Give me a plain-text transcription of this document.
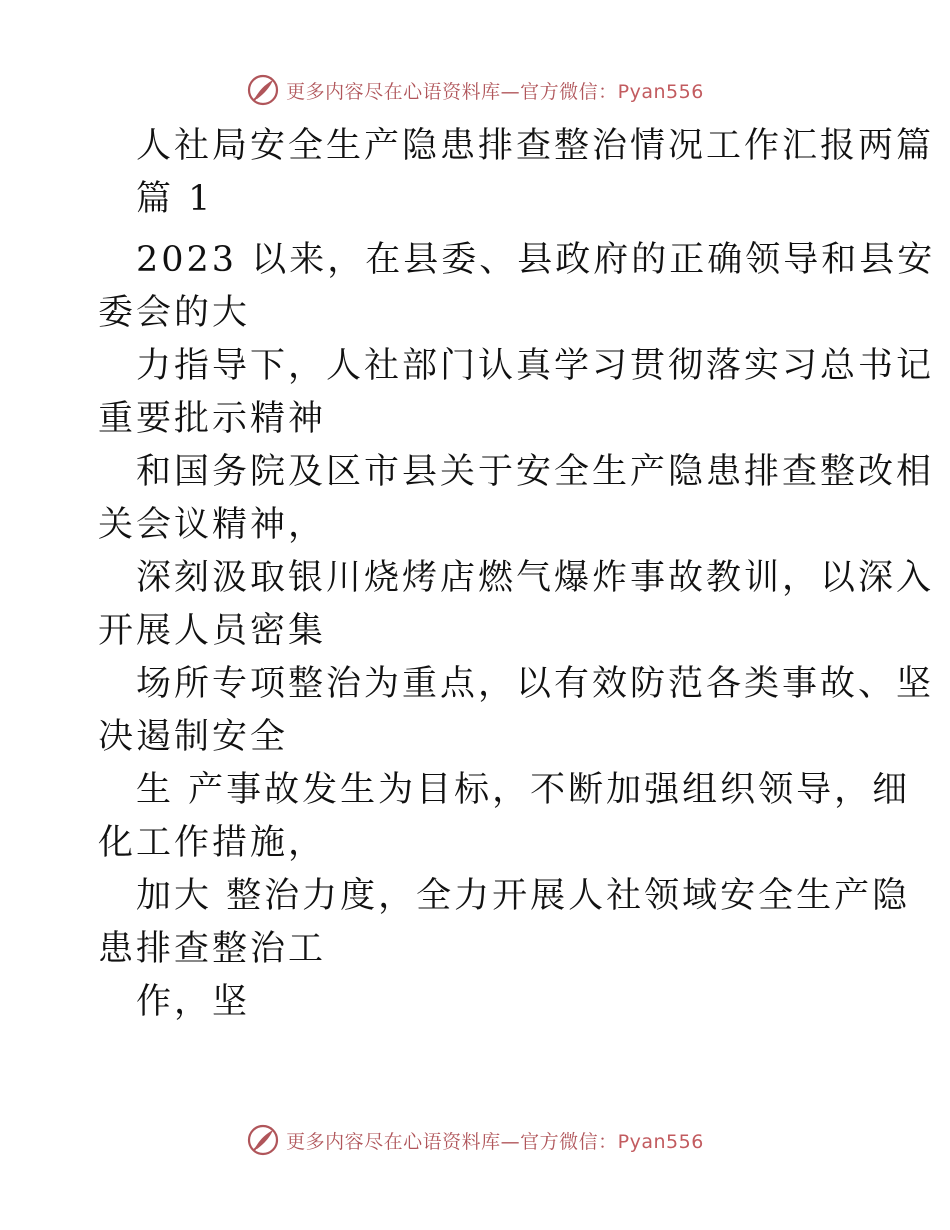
更多内容尽在心语资料库—官方微信：Pyan556
人社局安全生产隐患排查整治情况工作汇报两篇
篇 1
2023 以来，在县委、县政府的正确领导和县安
委会的大
力指导下，人社部门认真学习贯彻落实习总书记
重要批示精神
和国务院及区市县关于安全生产隐患排查整改相
关会议精神，
深刻汲取银川烧烤店燃气爆炸事故教训，以深入
开展人员密集
场所专项整治为重点，以有效防范各类事故、坚
决遏制安全
生 产事故发生为目标，不断加强组织领导，细
化工作措施，
加大 整治力度，全力开展人社领域安全生产隐
患排查整治工
作，坚
更多内容尽在心语资料库—官方微信：Pyan556
